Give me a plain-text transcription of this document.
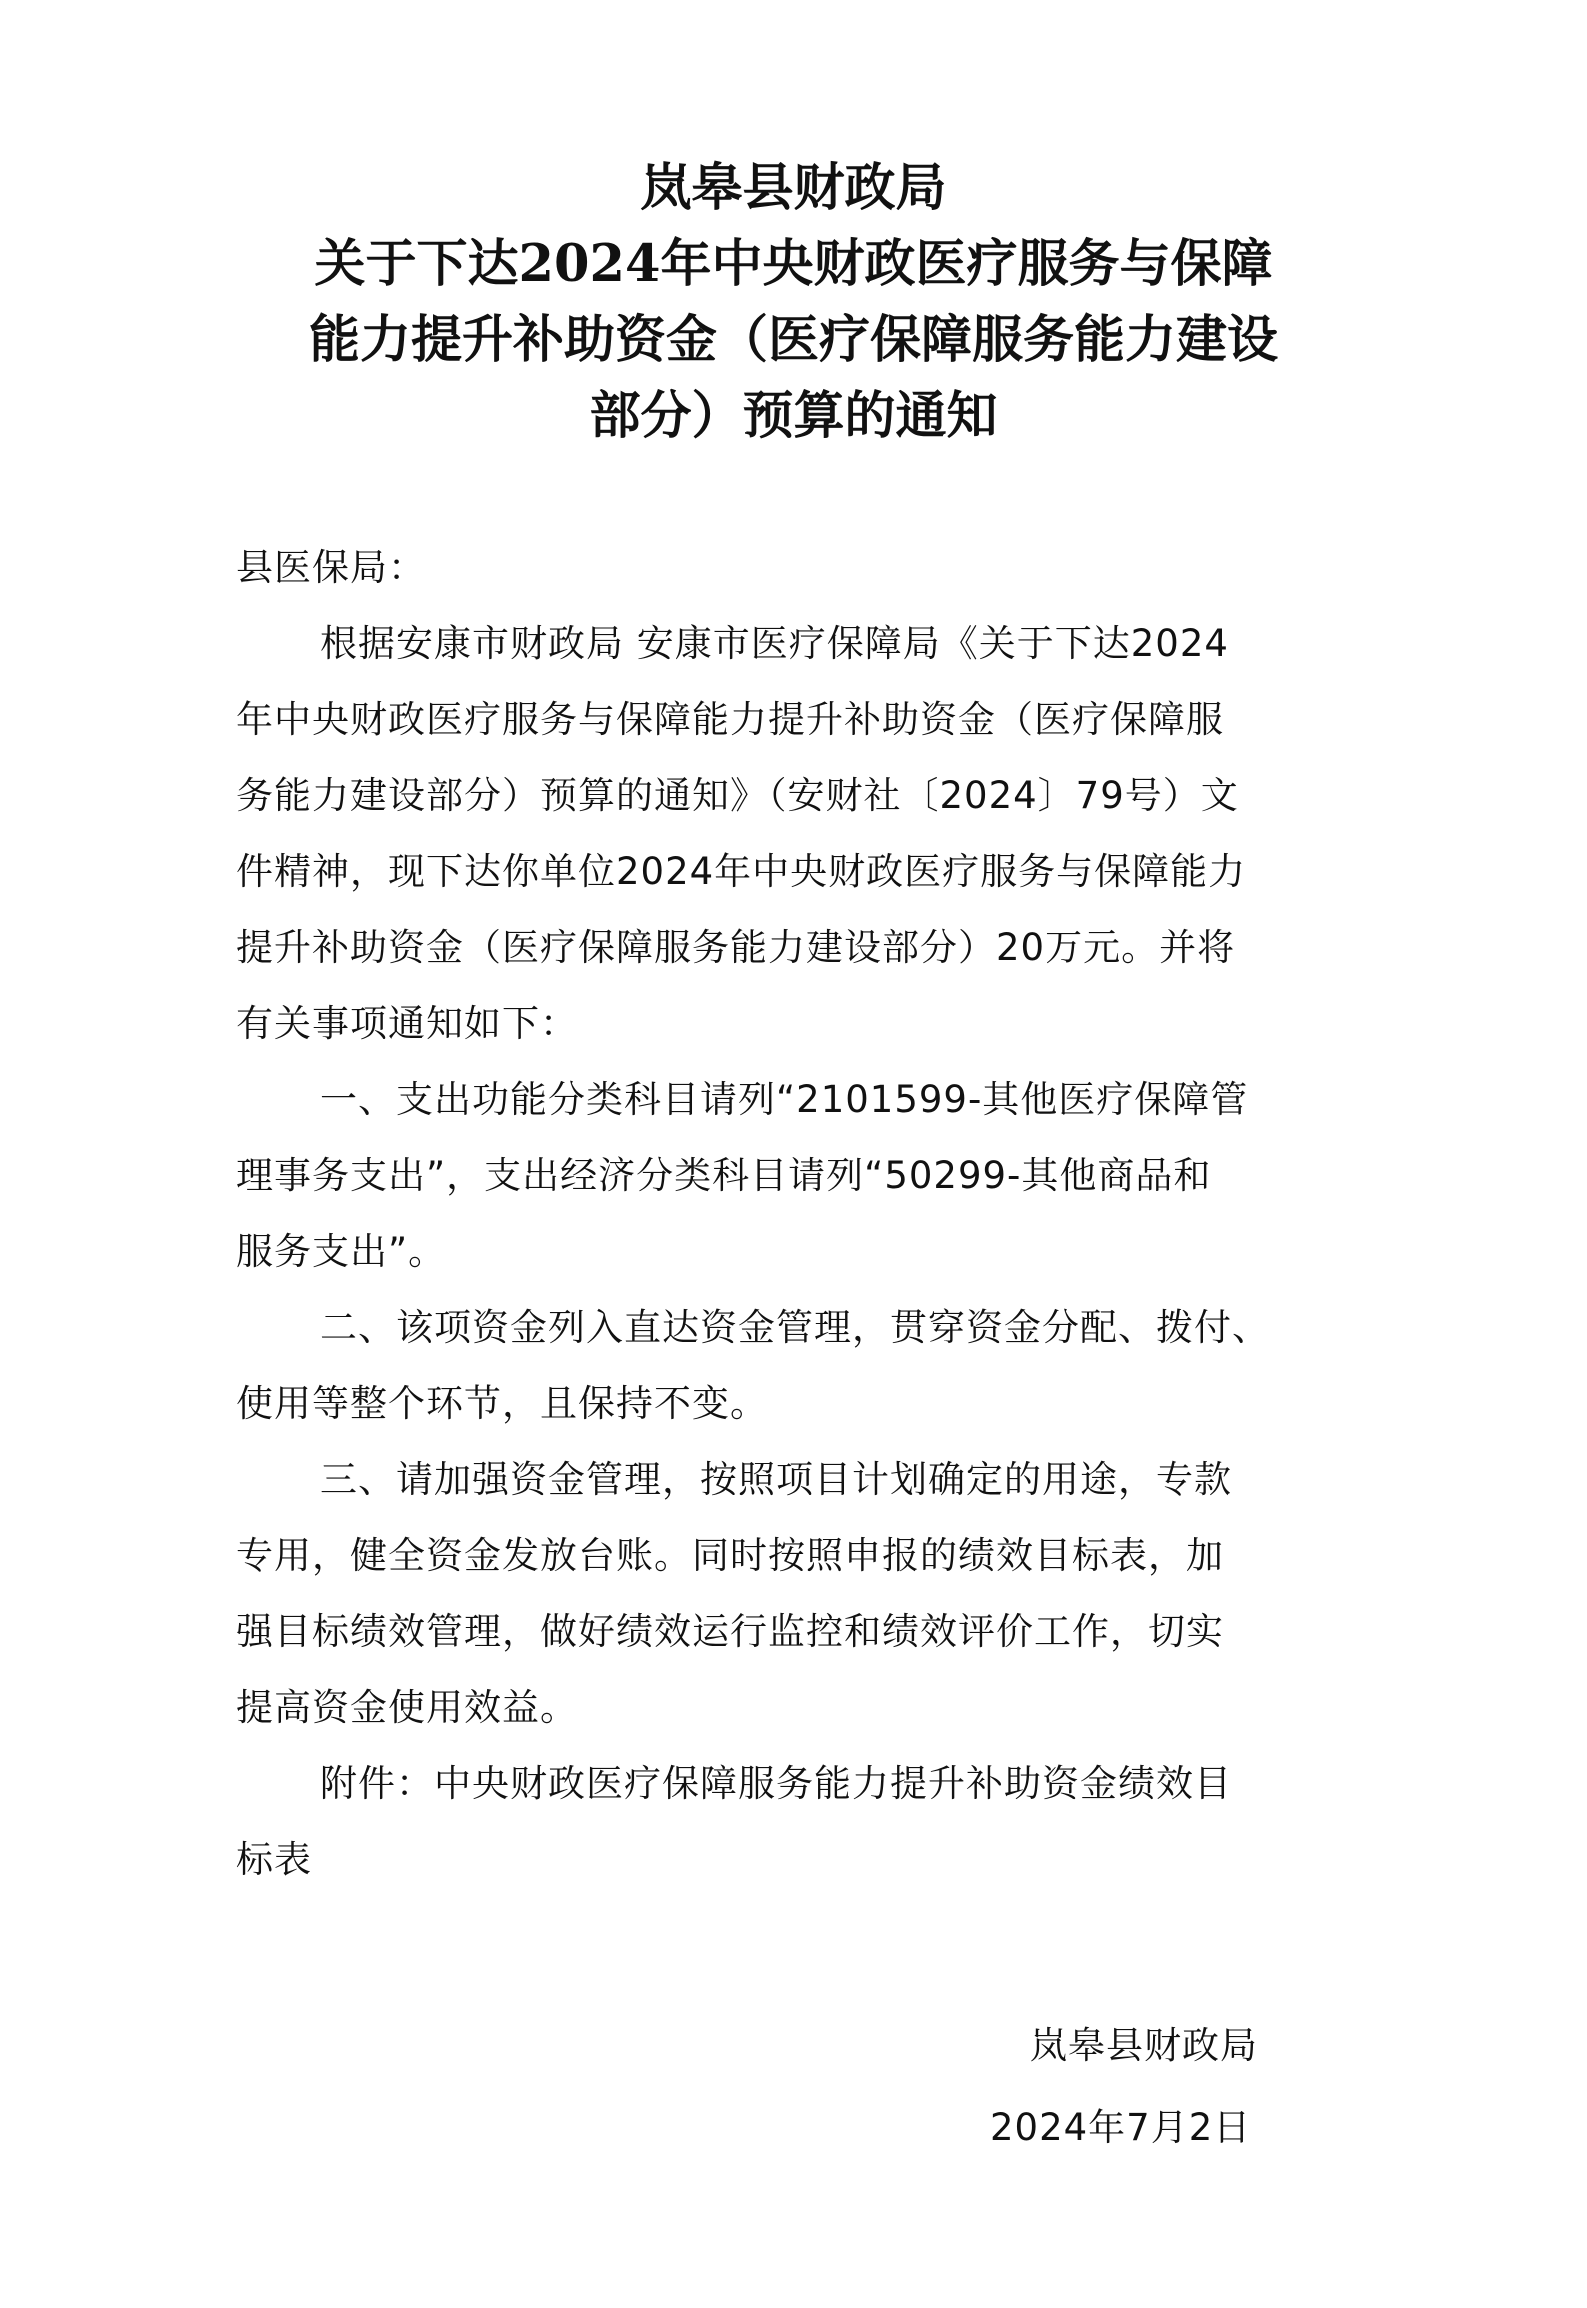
岚皋县财政局
关于下达2024年中央财政医疗服务与保障
能力提升补助资金（医疗保障服务能力建设
部分）预算的通知
县医保局：
根据安康市财政局 安康市医疗保障局《关于下达2024
年中央财政医疗服务与保障能力提升补助资金（医疗保障服
务能力建设部分）预算的通知》（安财社〔2024〕79号）文
件精神，现下达你单位2024年中央财政医疗服务与保障能力
提升补助资金（医疗保障服务能力建设部分）20万元。并将
有关事项通知如下：
一、支出功能分类科目请列“2101599-其他医疗保障管
理事务支出”，支出经济分类科目请列“50299-其他商品和
服务支出”。
二、该项资金列入直达资金管理，贯穿资金分配、拨付、
使用等整个环节，且保持不变。
三、请加强资金管理，按照项目计划确定的用途，专款
专用，健全资金发放台账。同时按照申报的绩效目标表，加
强目标绩效管理，做好绩效运行监控和绩效评价工作，切实
提高资金使用效益。
附件：中央财政医疗保障服务能力提升补助资金绩效目
标表
岚皋县财政局
2024年7月2日
